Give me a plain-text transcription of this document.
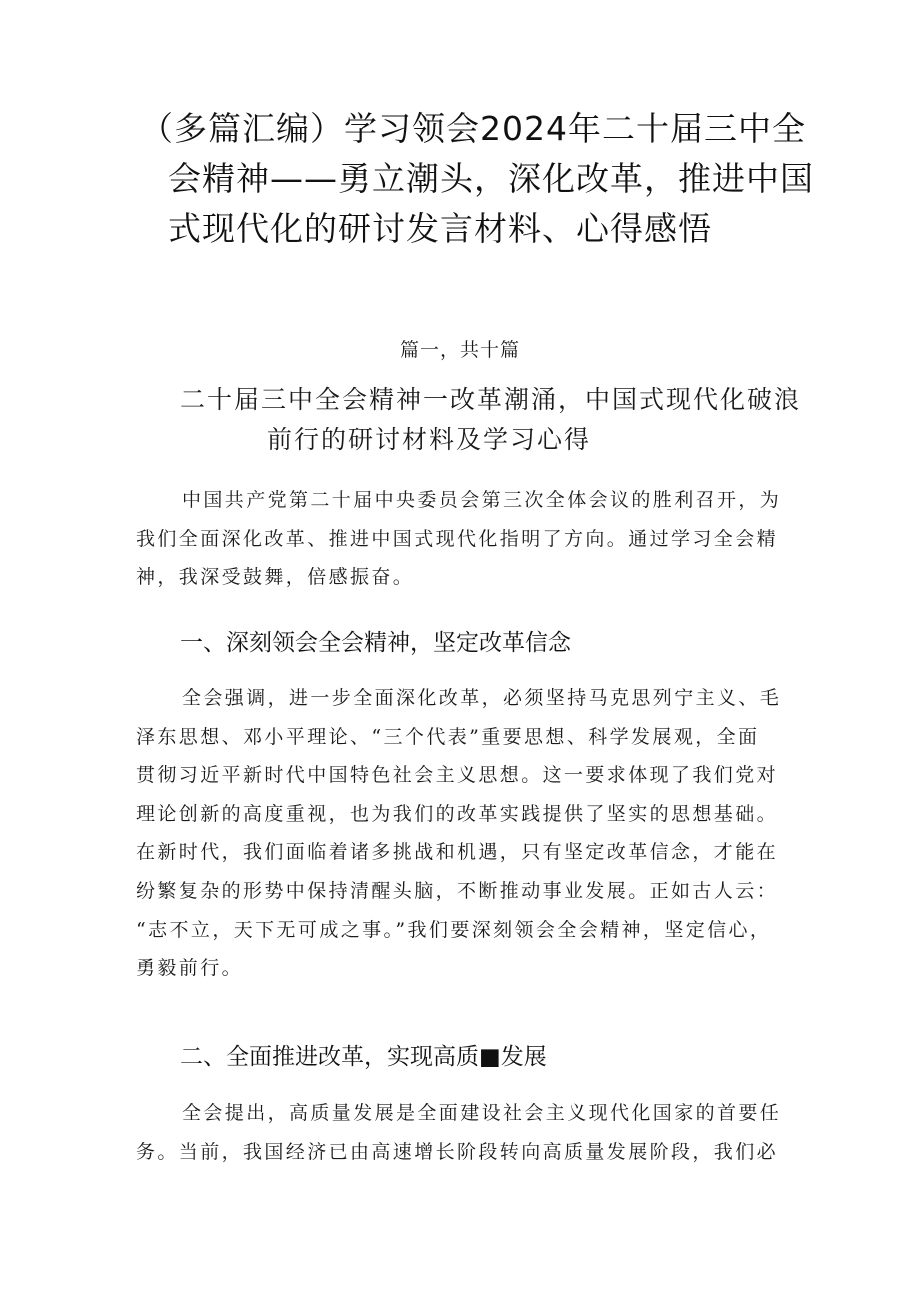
（多篇汇编）学习领会2024年二十届三中全
会精神——勇立潮头，深化改革，推进中国
式现代化的研讨发言材料、心得感悟
篇一，共十篇
二十届三中全会精神一改革潮涌，中国式现代化破浪
前行的研讨材料及学习心得

中国共产党第二十届中央委员会第三次全体会议的胜利召开，为
我们全面深化改革、推进中国式现代化指明了方向。通过学习全会精
神，我深受鼓舞，倍感振奋。

一、深刻领会全会精神，坚定改革信念

全会强调，进一步全面深化改革，必须坚持马克思列宁主义、毛
泽东思想、邓小平理论、“三个代表”重要思想、科学发展观，全面
贯彻习近平新时代中国特色社会主义思想。这一要求体现了我们党对
理论创新的高度重视，也为我们的改革实践提供了坚实的思想基础。
在新时代，我们面临着诸多挑战和机遇，只有坚定改革信念，才能在
纷繁复杂的形势中保持清醒头脑，不断推动事业发展。正如古人云：
“志不立，天下无可成之事。”我们要深刻领会全会精神，坚定信心，
勇毅前行。

二、全面推进改革，实现高质■发展

全会提出，高质量发展是全面建设社会主义现代化国家的首要任
务。当前，我国经济已由高速增长阶段转向高质量发展阶段，我们必
